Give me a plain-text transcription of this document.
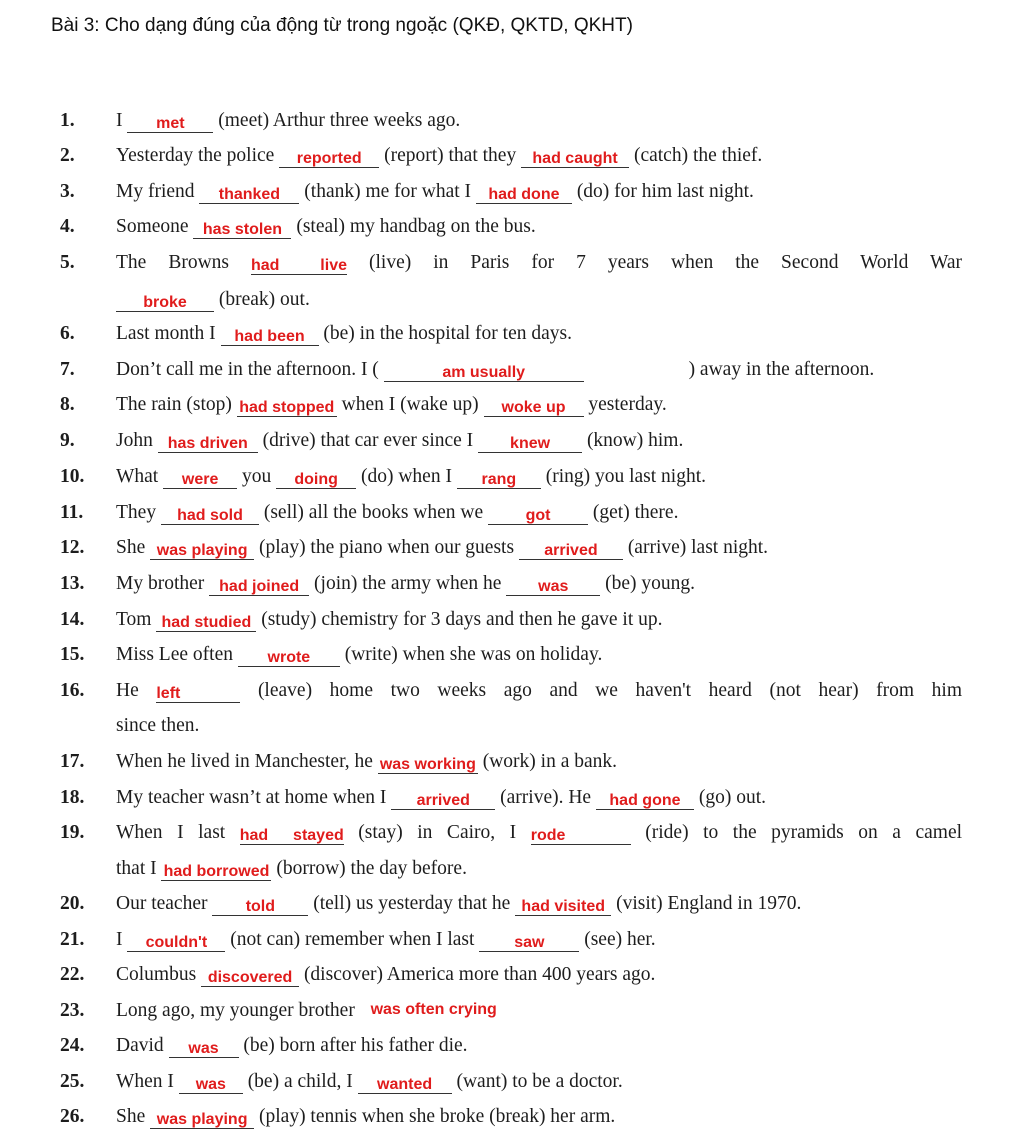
Bài 3: Cho dạng đúng của động từ trong ngoặc (QKĐ, QKTD, QKHT)
1. I met (meet) Arthur three weeks ago.
2. Yesterday the police reported (report) that they had caught (catch) the thief.
3. My friend thanked (thank) me for what I had done (do) for him last night.
4. Someone has stolen (steal) my handbag on the bus.
5. The Browns had live (live) in Paris for 7 years when the Second World War
broke (break) out.
6. Last month I had been (be) in the hospital for ten days.
7. Don’t call me in the afternoon. I (	am usually	) away in the afternoon.
8. The rain (stop) had stopped when I (wake up) woke up yesterday.
9. John has driven (drive) that car ever since I knew (know) him.
10. What were you doing (do) when I rang (ring) you last night.
11. They had sold (sell) all the books when we	got (get) there.
12. She was playing (play) the piano when our guests arrived (arrive) last night.
13. My brother had joined (join) the army when he was (be) young.
14. Tom had studied (study) chemistry for 3 days and then he gave it up.
15. Miss Lee often wrote (write) when she was on holiday.
16. He left	(leave) home two weeks ago and we haven't heard (not hear) from him
since then.
17. When he lived in Manchester, he was working (work) in a bank.
18. My teacher wasn’t at home when I arrived (arrive). He had gone (go) out.
19. When I last had stayed (stay) in Cairo, I rode	(ride) to the pyramids on a camel
that I had borrowed (borrow) the day before.
20. Our teacher told (tell) us yesterday that he had visited (visit) England in 1970.
21. I couldn't (not can) remember when I last saw (see) her.
22. Columbus discovered (discover) America more than 400 years ago.
23. Long ago, my younger brother was often crying
24. David was (be) born after his father die.
25. When I was (be) a child, I wanted (want) to be a doctor.
26. She was playing (play) tennis when she broke (break) her arm.
